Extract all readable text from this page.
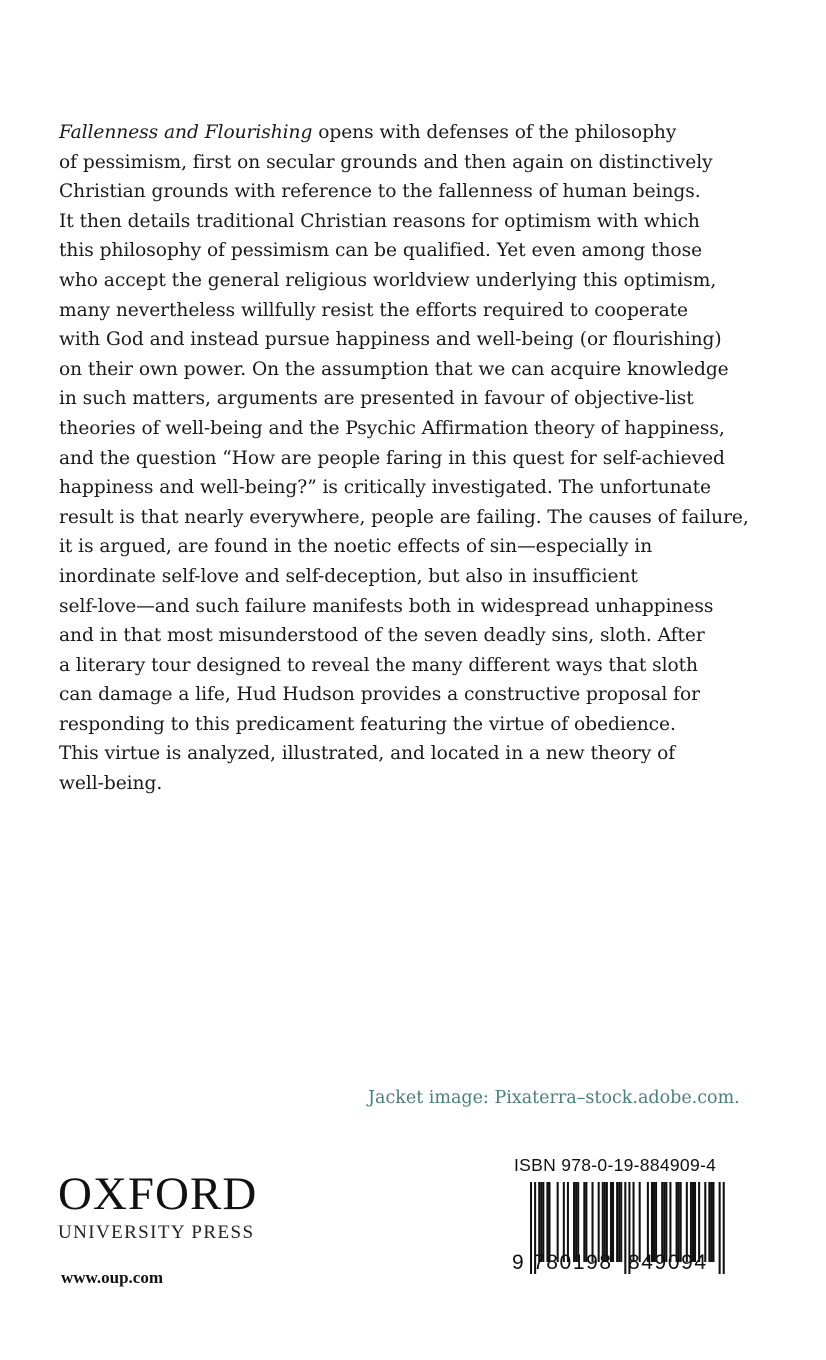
Fallenness and Flourishing opens with defenses of the philosophy
of pessimism, first on secular grounds and then again on distinctively
Christian grounds with reference to the fallenness of human beings.
It then details traditional Christian reasons for optimism with which
this philosophy of pessimism can be qualified. Yet even among those
who accept the general religious worldview underlying this optimism,
many nevertheless willfully resist the efforts required to cooperate
with God and instead pursue happiness and well-being (or flourishing)
on their own power. On the assumption that we can acquire knowledge
in such matters, arguments are presented in favour of objective-list
theories of well-being and the Psychic Affirmation theory of happiness,
and the question “How are people faring in this quest for self-achieved
happiness and well-being?” is critically investigated. The unfortunate
result is that nearly everywhere, people are failing. The causes of failure,
it is argued, are found in the noetic effects of sin—especially in
inordinate self-love and self-deception, but also in insufficient
self-love—and such failure manifests both in widespread unhappiness
and in that most misunderstood of the seven deadly sins, sloth. After
a literary tour designed to reveal the many different ways that sloth
can damage a life, Hud Hudson provides a constructive proposal for
responding to this predicament featuring the virtue of obedience.
This virtue is analyzed, illustrated, and located in a new theory of
well-being.

Jacket image: Pixaterra–stock.adobe.com.
OXFORD
UNIVERSITY PRESS
www.oup.com
ISBN 978-0-19-884909-4
9 780198 849094
